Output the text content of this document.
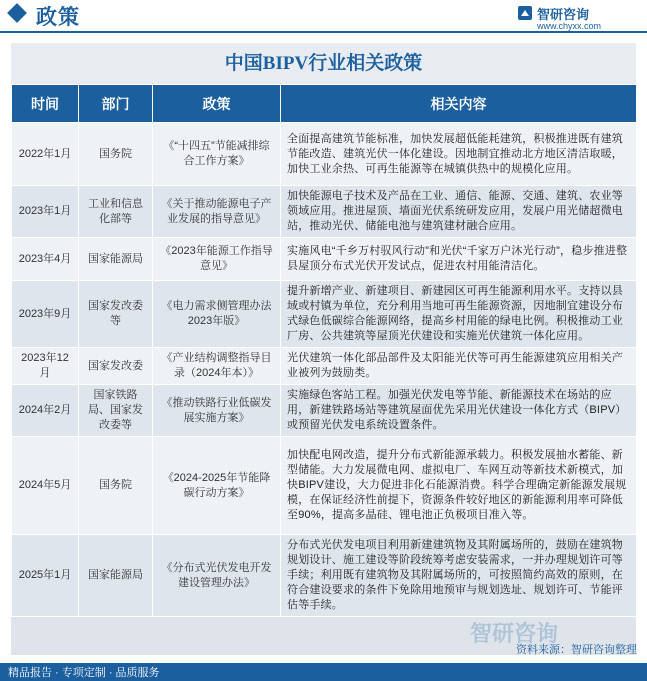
政策	智研咨询
www.chyxx.com
中国BIPV行业相关政策
时间	部门	政策	相关内容
2022年1月	国务院	《“十四五”节能减排综合工作方案》	全面提高建筑节能标准，加快发展超低能耗建筑，积极推进既有建筑节能改造、建筑光伏一体化建设。因地制宜推动北方地区清洁取暖，加快工业余热、可再生能源等在城镇供热中的规模化应用。
2023年1月	工业和信息化部等	《关于推动能源电子产业发展的指导意见》	加快能源电子技术及产品在工业、通信、能源、交通、建筑、农业等领域应用。推进屋顶、墙面光伏系统研发应用，发展户用光储超微电站，推动光伏、储能电池与建筑建材融合应用。
2023年4月	国家能源局	《2023年能源工作指导意见》	实施风电“千乡万村驭风行动”和光伏“千家万户沐光行动”，稳步推进整县屋顶分布式光伏开发试点，促进农村用能清洁化。
2023年9月	国家发改委等	《电力需求侧管理办法2023年版》	提升新增产业、新建项目、新建园区可再生能源利用水平。支持以县域或村镇为单位，充分利用当地可再生能源资源，因地制宜建设分布式绿色低碳综合能源网络，提高乡村用能的绿电比例。积极推动工业厂房、公共建筑等屋顶光伏建设和实施光伏建筑一体化应用。
2023年12月	国家发改委	《产业结构调整指导目录（2024年本）》	光伏建筑一体化部品部件及太阳能光伏等可再生能源建筑应用相关产业被列为鼓励类。
2024年2月	国家铁路局、国家发改委等	《推动铁路行业低碳发展实施方案》	实施绿色客站工程。加强光伏发电等节能、新能源技术在场站的应用，新建铁路场站等建筑屋面优先采用光伏建设一体化方式（BIPV）或预留光伏发电系统设置条件。
2024年5月	国务院	《2024-2025年节能降碳行动方案》	加快配电网改造，提升分布式新能源承载力。积极发展抽水蓄能、新型储能。大力发展微电网、虚拟电厂、车网互动等新技术新模式，加快BIPV建设，大力促进非化石能源消费。科学合理确定新能源发展规模，在保证经济性前提下，资源条件较好地区的新能源利用率可降低至90%，提高多晶硅、锂电池正负极项目准入等。
2025年1月	国家能源局	《分布式光伏发电开发建设管理办法》	分布式光伏发电项目利用新建建筑物及其附属场所的，鼓励在建筑物规划设计、施工建设等阶段统筹考虑安装需求，一并办理规划许可等手续；利用既有建筑物及其附属场所的，可按照简约高效的原则，在符合建设要求的条件下免除用地预审与规划选址、规划许可、节能评估等手续。
智研咨询
精品报告 · 专项定制 · 品质服务
资料来源：智研咨询整理
